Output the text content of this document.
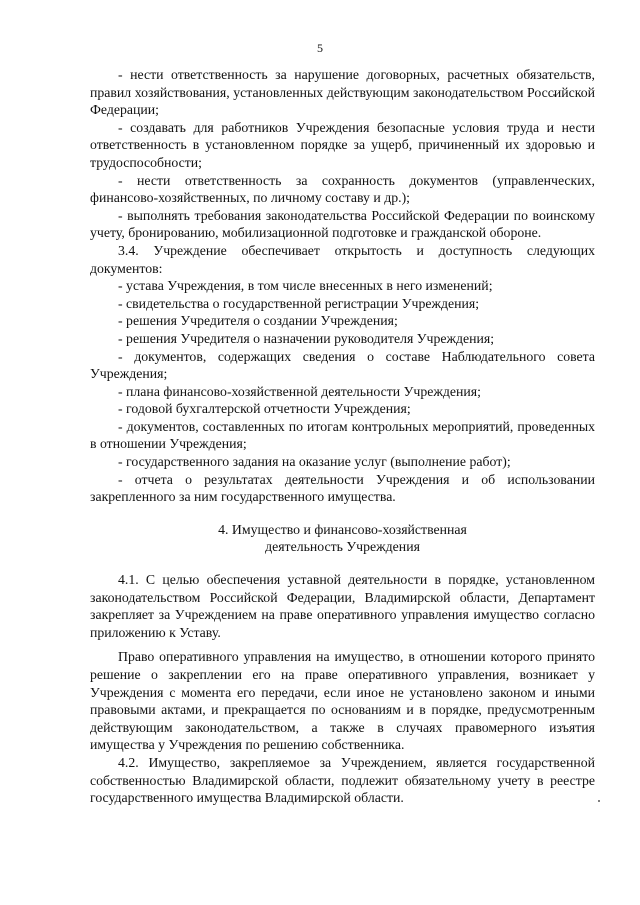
5

- нести ответственность за нарушение договорных, расчетных обязательств, правил хозяйствования, установленных действующим законодательством Российской Федерации;

- создавать для работников Учреждения безопасные условия труда и нести ответственность в установленном порядке за ущерб, причиненный их здоровью и трудоспособности;

- нести ответственность за сохранность документов (управленческих, финансово-хозяйственных, по личному составу и др.);

- выполнять требования законодательства Российской Федерации по воинскому учету, бронированию, мобилизационной подготовке и гражданской обороне.

3.4. Учреждение обеспечивает открытость и доступность следующих документов:

- устава Учреждения, в том числе внесенных в него изменений;

- свидетельства о государственной регистрации Учреждения;

- решения Учредителя о создании Учреждения;

- решения Учредителя о назначении руководителя Учреждения;

- документов, содержащих сведения о составе Наблюдательного совета Учреждения;

- плана финансово-хозяйственной деятельности Учреждения;

- годовой бухгалтерской отчетности Учреждения;

- документов, составленных по итогам контрольных мероприятий, проведенных в отношении Учреждения;

- государственного задания на оказание услуг (выполнение работ);

- отчета о результатах деятельности Учреждения и об использовании закрепленного за ним государственного имущества.

4. Имущество и финансово-хозяйственная
деятельность Учреждения

4.1. С целью обеспечения уставной деятельности в порядке, установленном законодательством Российской Федерации, Владимирской области, Департамент закрепляет за Учреждением на праве оперативного управления имущество согласно приложению к Уставу.

Право оперативного управления на имущество, в отношении которого принято решение о закреплении его на праве оперативного управления, возникает у Учреждения с момента его передачи, если иное не установлено законом и иными правовыми актами, и прекращается по основаниям и в порядке, предусмотренным действующим законодательством, а также в случаях правомерного изъятия имущества у Учреждения по решению собственника.

4.2. Имущество, закрепляемое за Учреждением, является государственной собственностью Владимирской области, подлежит обязательному учету в реестре государственного имущества Владимирской области.
